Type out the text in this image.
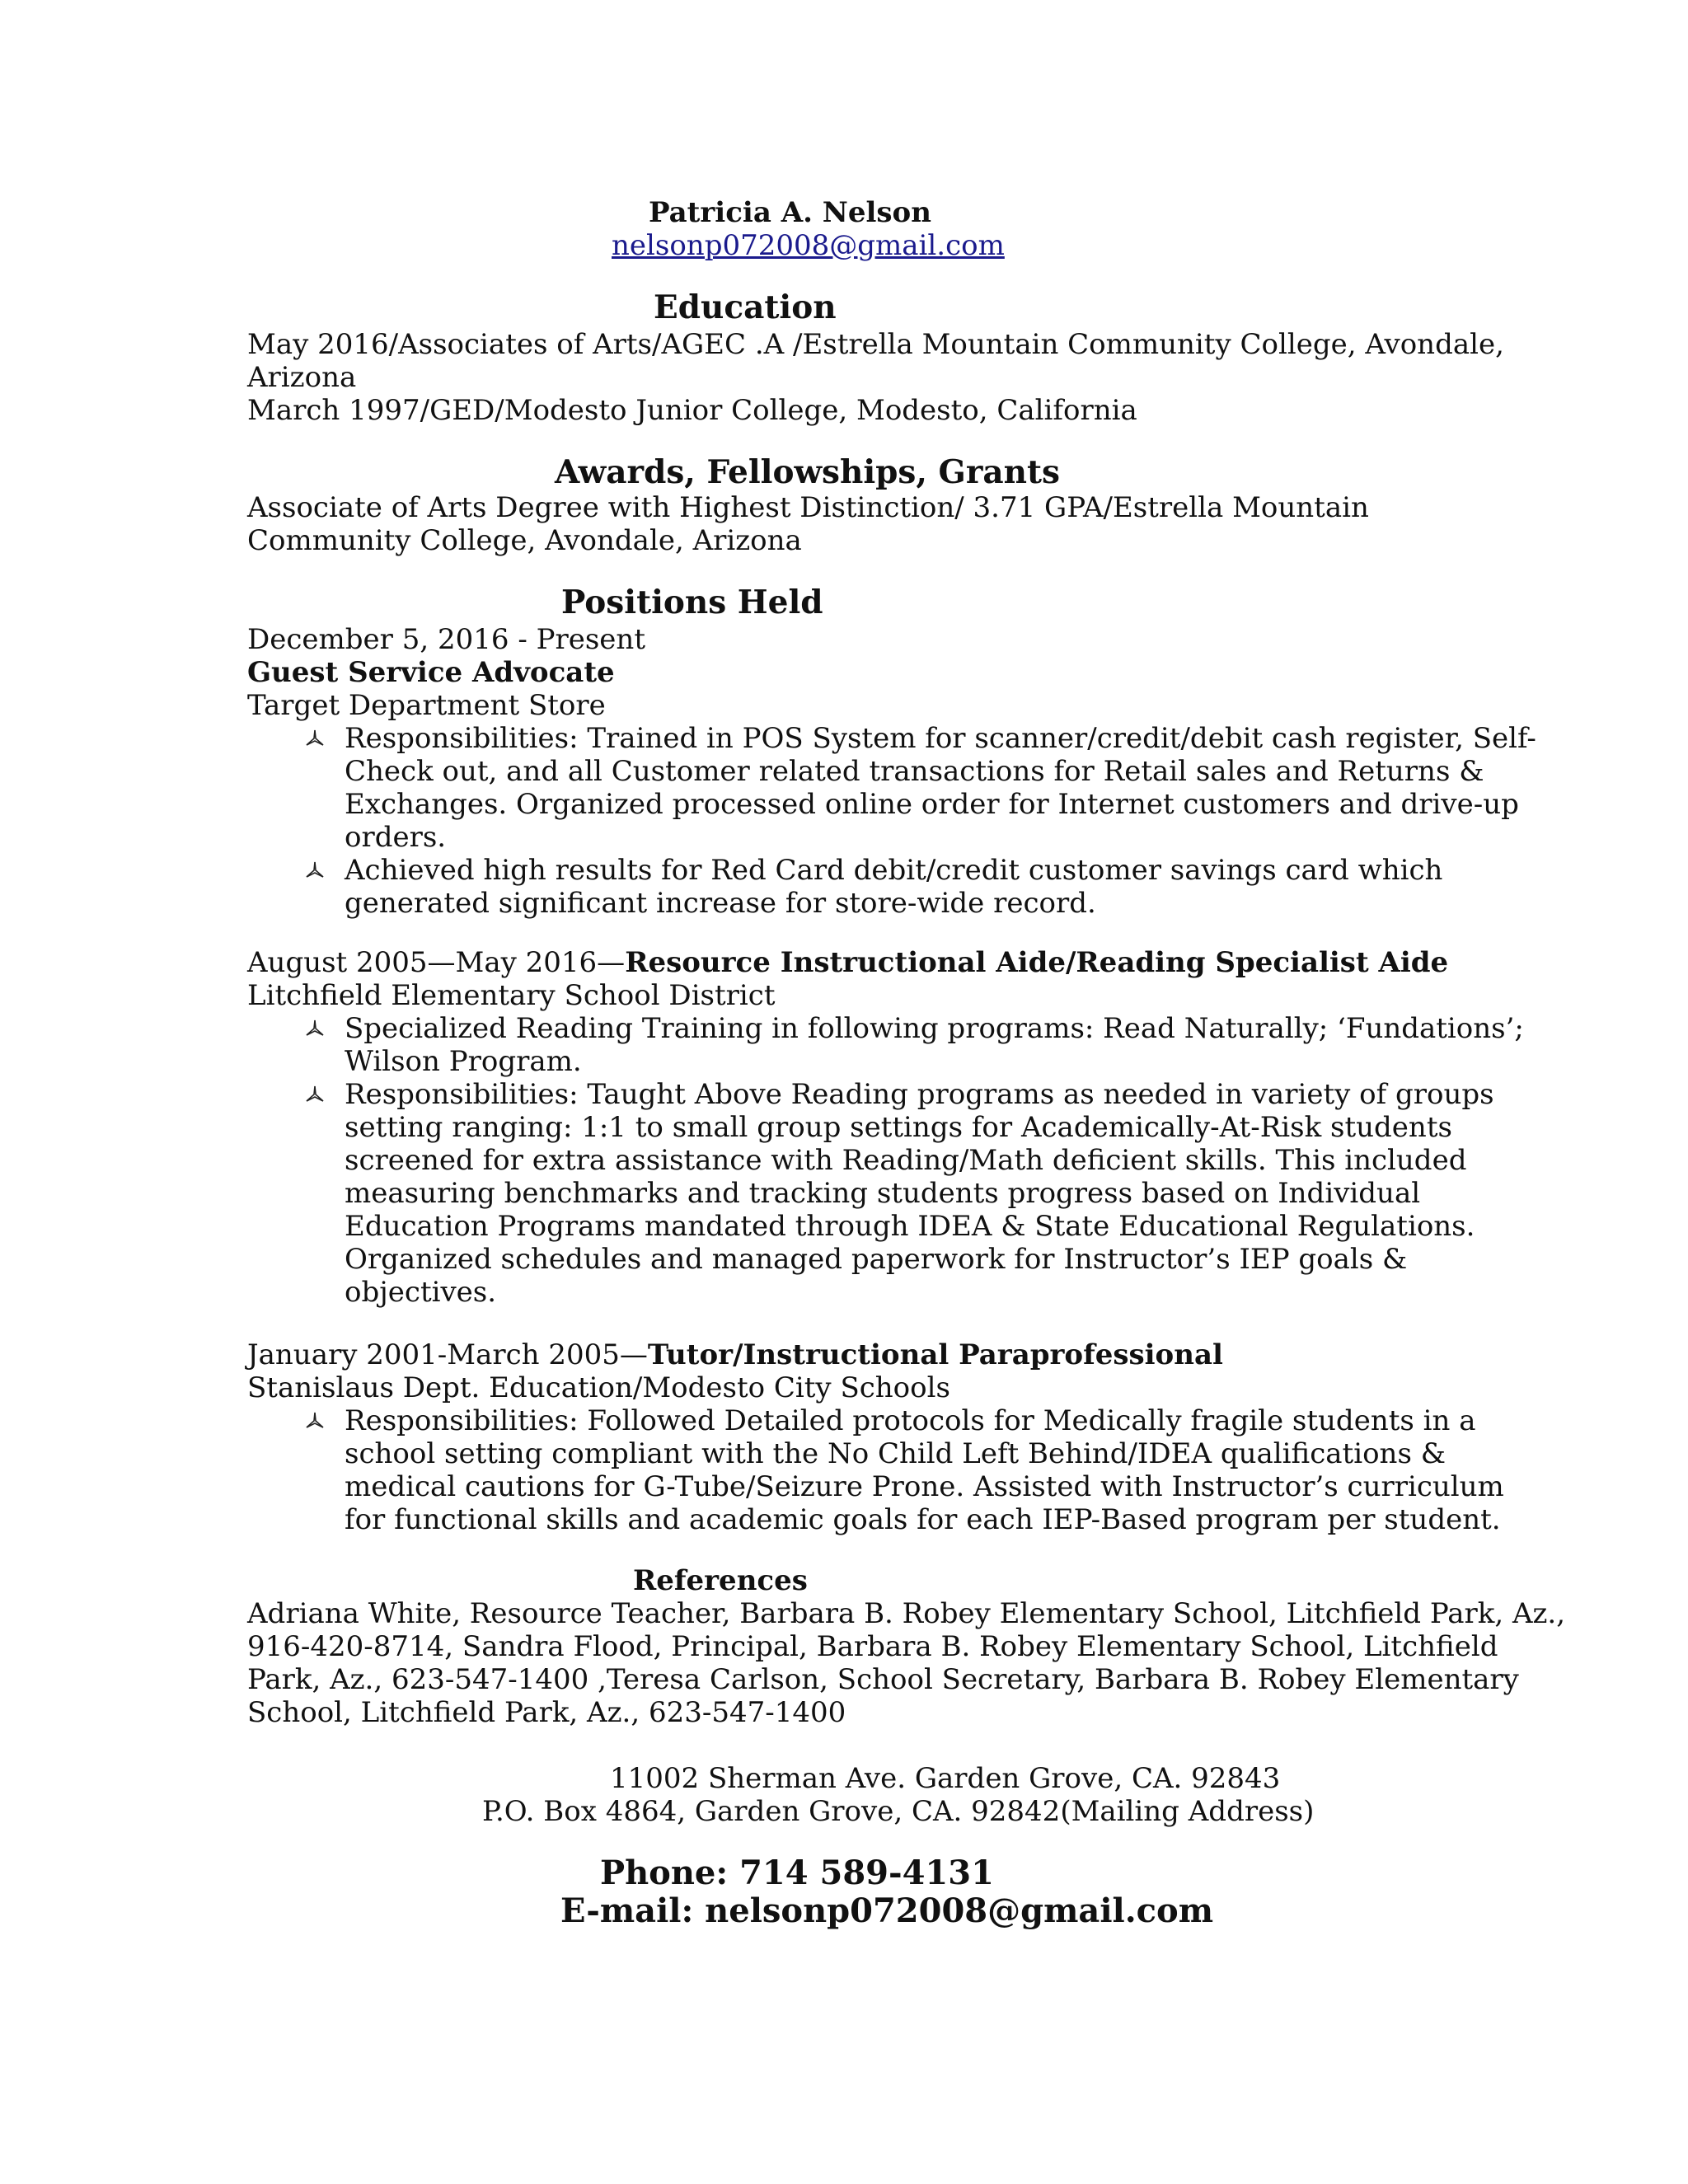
Patricia A. Nelson
nelsonp072008@gmail.com
Education
May 2016/Associates of Arts/AGEC .A /Estrella Mountain Community College, Avondale,
Arizona
March 1997/GED/Modesto Junior College, Modesto, California
Awards, Fellowships, Grants
Associate of Arts Degree with Highest Distinction/ 3.71 GPA/Estrella Mountain
Community College, Avondale, Arizona
Positions Held
December 5, 2016 - Present
Guest Service Advocate
Target Department Store
Responsibilities: Trained in POS System for scanner/credit/debit cash register, Self-
Check out, and all Customer related transactions for Retail sales and Returns &
Exchanges. Organized processed online order for Internet customers and drive-up
orders.
Achieved high results for Red Card debit/credit customer savings card which
generated significant increase for store-wide record.
August 2005—May 2016—Resource Instructional Aide/Reading Specialist Aide
Litchfield Elementary School District
Specialized Reading Training in following programs: Read Naturally; ‘Fundations’;
Wilson Program.
Responsibilities: Taught Above Reading programs as needed in variety of groups
setting ranging: 1:1 to small group settings for Academically-At-Risk students
screened for extra assistance with Reading/Math deficient skills. This included
measuring benchmarks and tracking students progress based on Individual
Education Programs mandated through IDEA & State Educational Regulations.
Organized schedules and managed paperwork for Instructor’s IEP goals &
objectives.
January 2001-March 2005—Tutor/Instructional Paraprofessional
Stanislaus Dept. Education/Modesto City Schools
Responsibilities: Followed Detailed protocols for Medically fragile students in a
school setting compliant with the No Child Left Behind/IDEA qualifications &
medical cautions for G-Tube/Seizure Prone. Assisted with Instructor’s curriculum
for functional skills and academic goals for each IEP-Based program per student.
References
Adriana White, Resource Teacher, Barbara B. Robey Elementary School, Litchfield Park, Az.,
916-420-8714, Sandra Flood, Principal, Barbara B. Robey Elementary School, Litchfield
Park, Az., 623-547-1400 ,Teresa Carlson, School Secretary, Barbara B. Robey Elementary
School, Litchfield Park, Az., 623-547-1400
11002 Sherman Ave. Garden Grove, CA. 92843
P.O. Box 4864, Garden Grove, CA. 92842(Mailing Address)
Phone: 714 589-4131
E-mail: nelsonp072008@gmail.com
